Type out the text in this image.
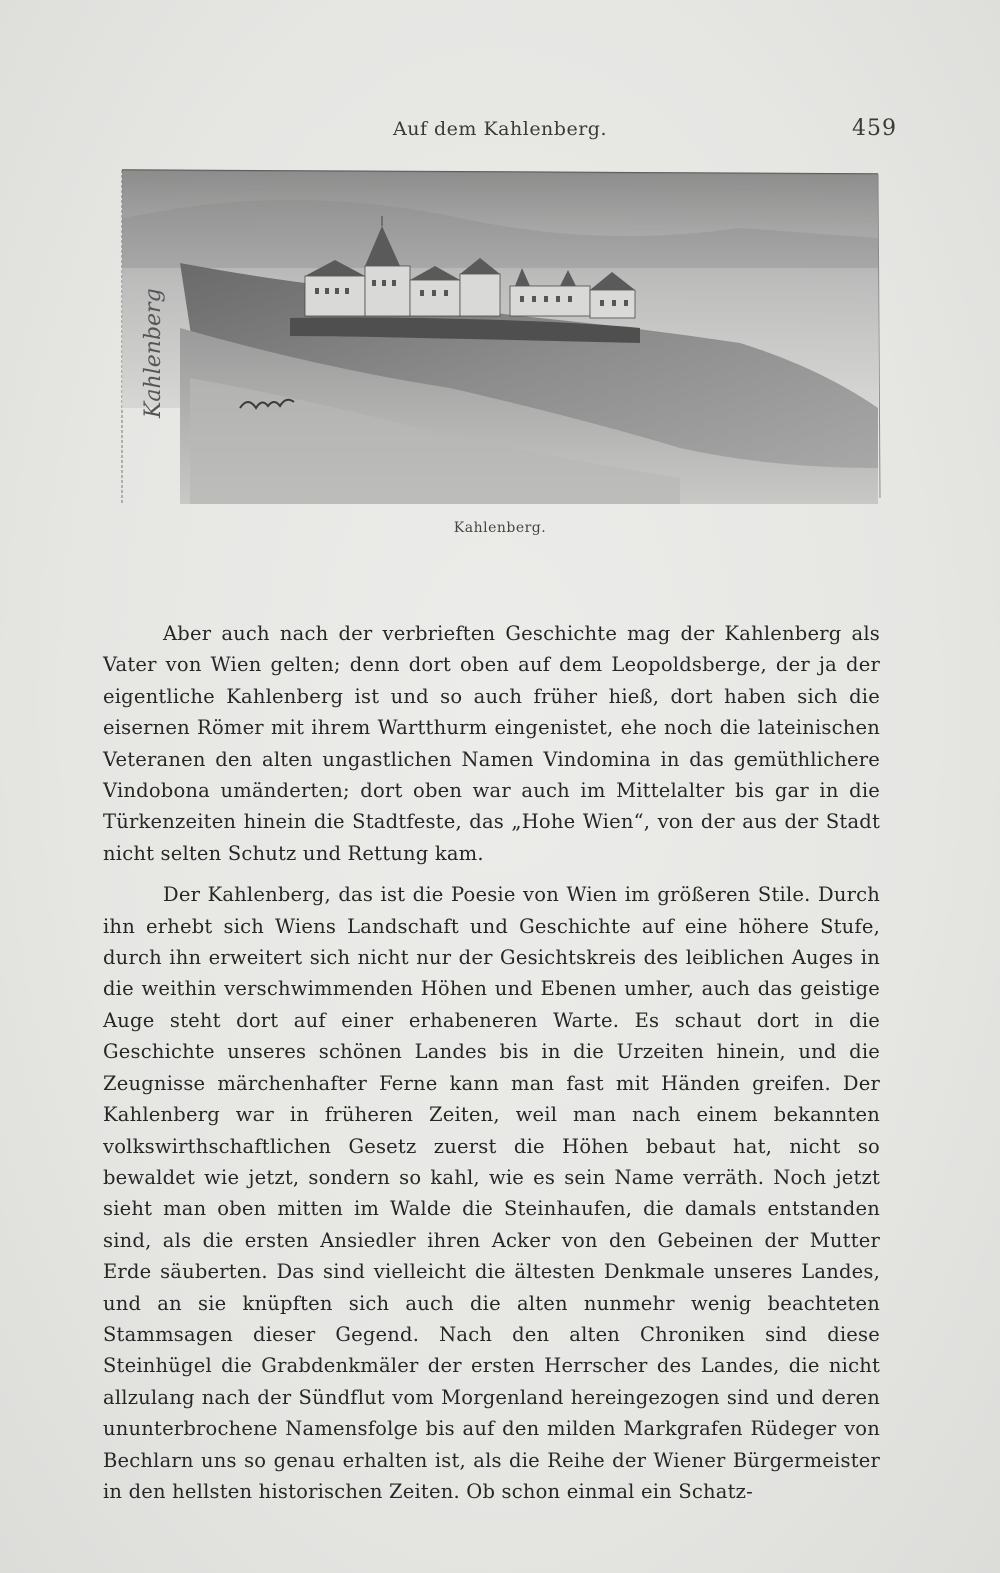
Auf dem Kahlenberg.	459
Kahlenberg
Kahlenberg.

Aber auch nach der verbrieften Geschichte mag der Kahlenberg als Vater von Wien gelten; denn dort oben auf dem Leopoldsberge, der ja der eigentliche Kahlenberg ist und so auch früher hieß, dort haben sich die eisernen Römer mit ihrem Wartthurm eingenistet, ehe noch die lateinischen Veteranen den alten ungastlichen Namen Vindomina in das gemüthlichere Vindobona umänderten; dort oben war auch im Mittelalter bis gar in die Türkenzeiten hinein die Stadtfeste, das „Hohe Wien“, von der aus der Stadt nicht selten Schutz und Rettung kam.

Der Kahlenberg, das ist die Poesie von Wien im größeren Stile. Durch ihn erhebt sich Wiens Landschaft und Geschichte auf eine höhere Stufe, durch ihn erweitert sich nicht nur der Gesichtskreis des leiblichen Auges in die weithin verschwimmenden Höhen und Ebenen umher, auch das geistige Auge steht dort auf einer erhabeneren Warte. Es schaut dort in die Geschichte unseres schönen Landes bis in die Urzeiten hinein, und die Zeugnisse märchenhafter Ferne kann man fast mit Händen greifen. Der Kahlenberg war in früheren Zeiten, weil man nach einem bekannten volkswirthschaftlichen Gesetz zuerst die Höhen bebaut hat, nicht so bewaldet wie jetzt, sondern so kahl, wie es sein Name verräth. Noch jetzt sieht man oben mitten im Walde die Steinhaufen, die damals entstanden sind, als die ersten Ansiedler ihren Acker von den Gebeinen der Mutter Erde säuberten. Das sind vielleicht die ältesten Denkmale unseres Landes, und an sie knüpften sich auch die alten nunmehr wenig beachteten Stammsagen dieser Gegend. Nach den alten Chroniken sind diese Steinhügel die Grabdenkmäler der ersten Herrscher des Landes, die nicht allzulang nach der Sündflut vom Morgenland hereingezogen sind und deren ununterbrochene Namensfolge bis auf den milden Markgrafen Rüdeger von Bechlarn uns so genau erhalten ist, als die Reihe der Wiener Bürgermeister in den hellsten historischen Zeiten. Ob schon einmal ein Schatz-
